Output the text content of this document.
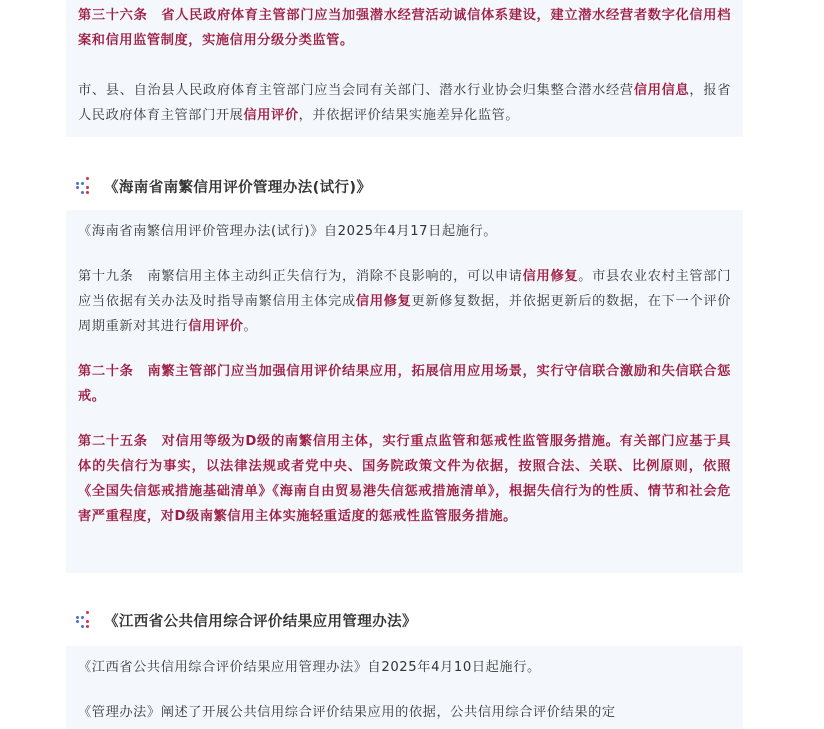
第三十六条　省人民政府体育主管部门应当加强潜水经营活动诚信体系建设，建立潜水经营者数字化信用档案和信用监管制度，实施信用分级分类监管。

市、县、自治县人民政府体育主管部门应当会同有关部门、潜水行业协会归集整合潜水经营信用信息，报省人民政府体育主管部门开展信用评价，并依据评价结果实施差异化监管。

《海南省南繁信用评价管理办法(试行)》

《海南省南繁信用评价管理办法(试行)》自2025年4月17日起施行。

第十九条　南繁信用主体主动纠正失信行为，消除不良影响的，可以申请信用修复。市县农业农村主管部门应当依据有关办法及时指导南繁信用主体完成信用修复更新修复数据，并依据更新后的数据，在下一个评价周期重新对其进行信用评价。

第二十条　南繁主管部门应当加强信用评价结果应用，拓展信用应用场景，实行守信联合激励和失信联合惩戒。

第二十五条　对信用等级为D级的南繁信用主体，实行重点监管和惩戒性监管服务措施。有关部门应基于具体的失信行为事实，以法律法规或者党中央、国务院政策文件为依据，按照合法、关联、比例原则，依照《全国失信惩戒措施基础清单》《海南自由贸易港失信惩戒措施清单》，根据失信行为的性质、情节和社会危害严重程度，对D级南繁信用主体实施轻重适度的惩戒性监管服务措施。

《江西省公共信用综合评价结果应用管理办法》

《江西省公共信用综合评价结果应用管理办法》自2025年4月10日起施行。

《管理办法》阐述了开展公共信用综合评价结果应用的依据，公共信用综合评价结果的定
